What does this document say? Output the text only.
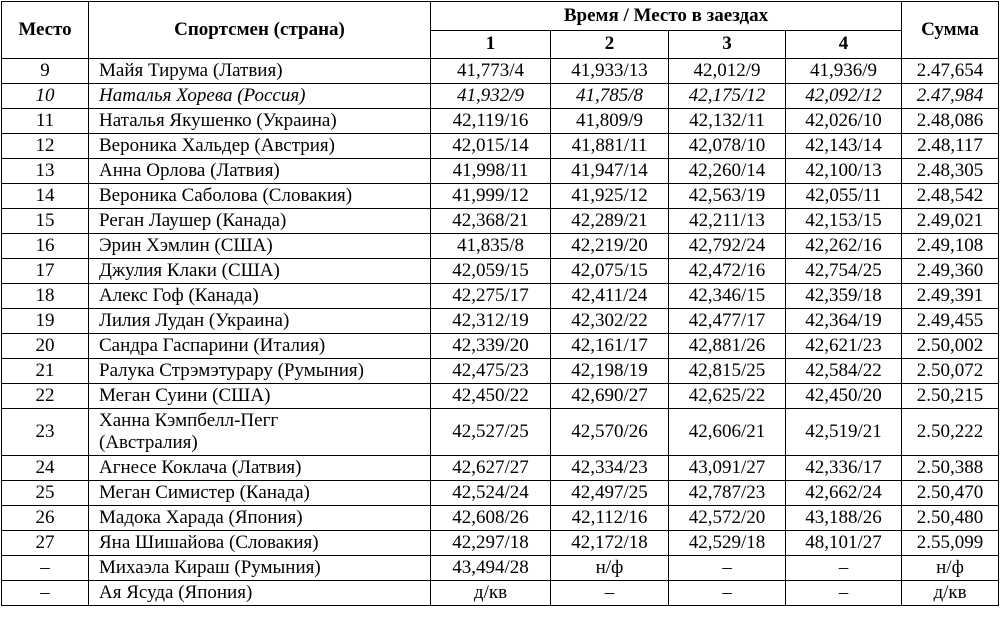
Место	Спортсмен (страна)	Время / Место в заездах				Сумма
		1	2	3	4	
9	Майя Тирума (Латвия)	41,773/4	41,933/13	42,012/9	41,936/9	2.47,654
10	Наталья Хорева (Россия)	41,932/9	41,785/8	42,175/12	42,092/12	2.47,984
11	Наталья Якушенко (Украина)	42,119/16	41,809/9	42,132/11	42,026/10	2.48,086
12	Вероника Хальдер (Австрия)	42,015/14	41,881/11	42,078/10	42,143/14	2.48,117
13	Анна Орлова (Латвия)	41,998/11	41,947/14	42,260/14	42,100/13	2.48,305
14	Вероника Саболова (Словакия)	41,999/12	41,925/12	42,563/19	42,055/11	2.48,542
15	Реган Лаушер (Канада)	42,368/21	42,289/21	42,211/13	42,153/15	2.49,021
16	Эрин Хэмлин (США)	41,835/8	42,219/20	42,792/24	42,262/16	2.49,108
17	Джулия Клаки (США)	42,059/15	42,075/15	42,472/16	42,754/25	2.49,360
18	Алекс Гоф (Канада)	42,275/17	42,411/24	42,346/15	42,359/18	2.49,391
19	Лилия Лудан (Украина)	42,312/19	42,302/22	42,477/17	42,364/19	2.49,455
20	Сандра Гаспарини (Италия)	42,339/20	42,161/17	42,881/26	42,621/23	2.50,002
21	Ралука Стрэмэтурару (Румыния)	42,475/23	42,198/19	42,815/25	42,584/22	2.50,072
22	Меган Суини (США)	42,450/22	42,690/27	42,625/22	42,450/20	2.50,215
23	Ханна Кэмпбелл-Пегг
(Австралия)	42,527/25	42,570/26	42,606/21	42,519/21	2.50,222
24	Агнесе Коклача (Латвия)	42,627/27	42,334/23	43,091/27	42,336/17	2.50,388
25	Меган Симистер (Канада)	42,524/24	42,497/25	42,787/23	42,662/24	2.50,470
26	Мадока Харада (Япония)	42,608/26	42,112/16	42,572/20	43,188/26	2.50,480
27	Яна Шишайова (Словакия)	42,297/18	42,172/18	42,529/18	48,101/27	2.55,099
–	Михаэла Кираш (Румыния)	43,494/28	н/ф	–	–	н/ф
–	Ая Ясуда (Япония)	д/кв	–	–	–	д/кв
